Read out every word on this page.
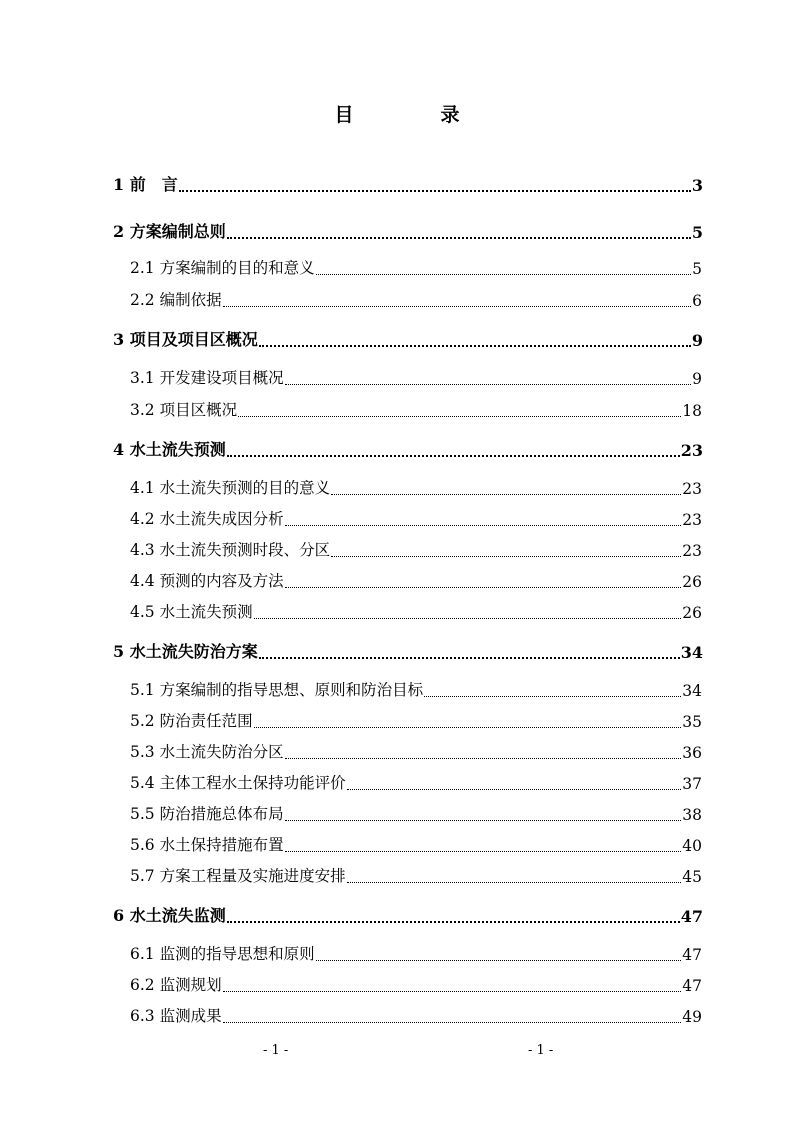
目　录
1 前　言	3
2 方案编制总则	5
2.1 方案编制的目的和意义	5
2.2 编制依据	6
3 项目及项目区概况	9
3.1 开发建设项目概况	9
3.2 项目区概况	18
4 水土流失预测	23
4.1 水土流失预测的目的意义	23
4.2 水土流失成因分析	23
4.3 水土流失预测时段、分区	23
4.4 预测的内容及方法	26
4.5 水土流失预测	26
5 水土流失防治方案	34
5.1 方案编制的指导思想、原则和防治目标	34
5.2 防治责任范围	35
5.3 水土流失防治分区	36
5.4 主体工程水土保持功能评价	37
5.5 防治措施总体布局	38
5.6 水土保持措施布置	40
5.7 方案工程量及实施进度安排	45
6 水土流失监测	47
6.1 监测的指导思想和原则	47
6.2 监测规划	47
6.3 监测成果	49
- 1 -	- 1 -
